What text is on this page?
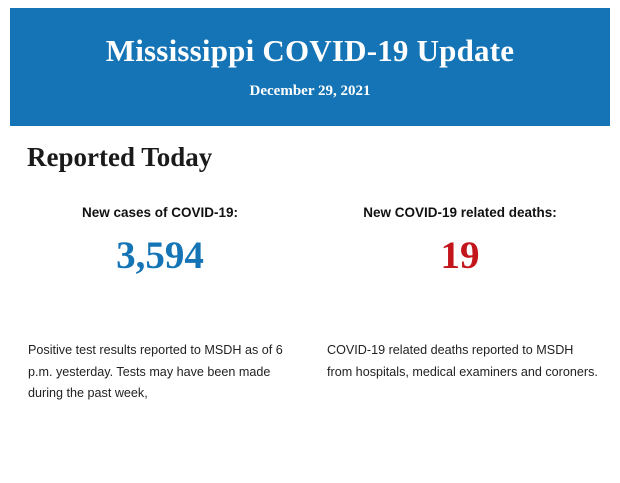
Mississippi COVID-19 Update
December 29, 2021
Reported Today
New cases of COVID-19:
3,594
New COVID-19 related deaths:
19
Positive test results reported to MSDH as of 6 p.m. yesterday. Tests may have been made during the past week,
COVID-19 related deaths reported to MSDH from hospitals, medical examiners and coroners.
